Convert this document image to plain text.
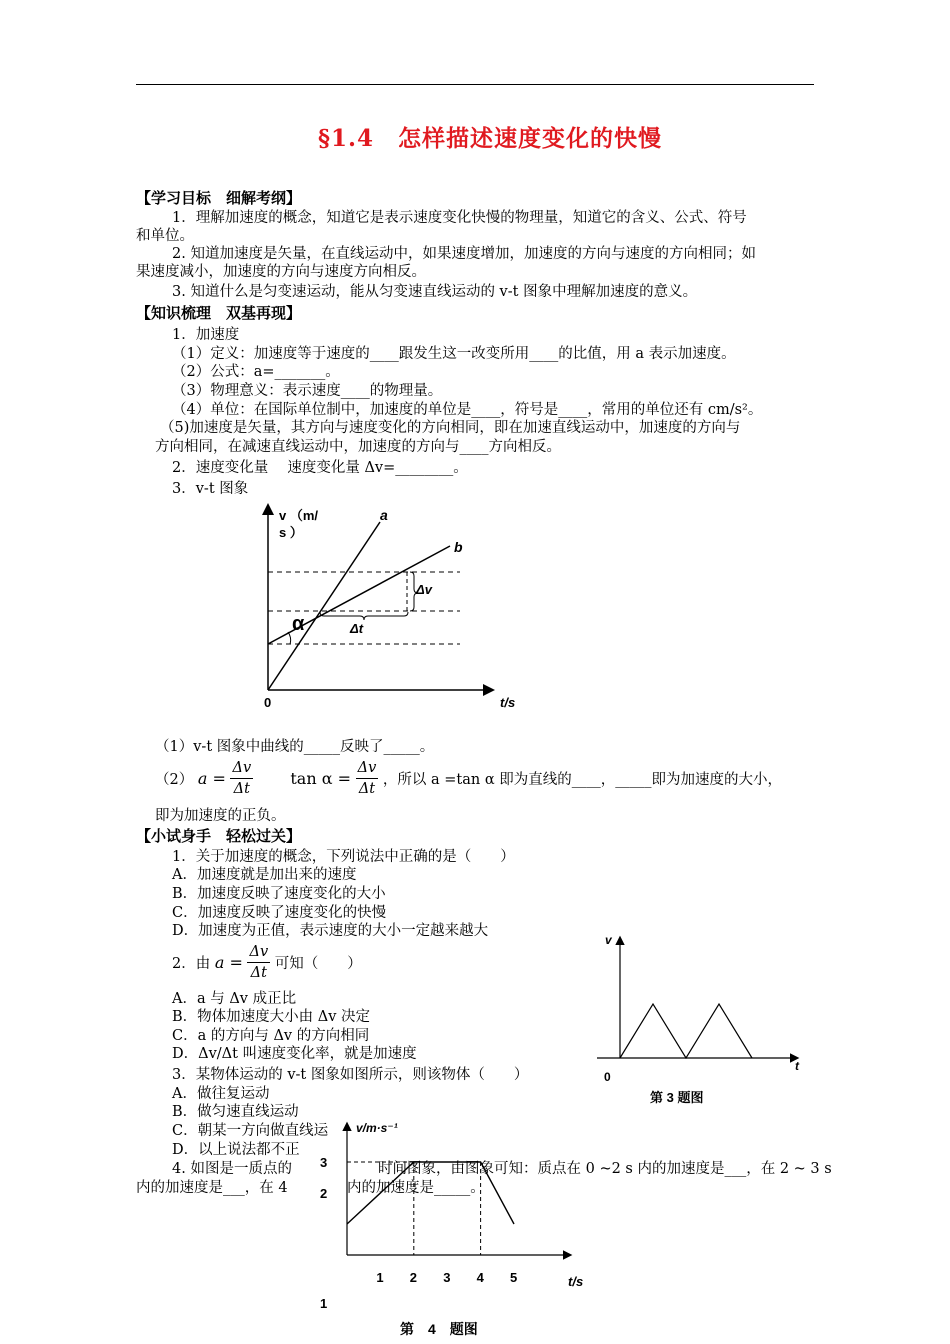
§1.4　怎样描述速度变化的快慢
【学习目标　细解考纲】
1．理解加速度的概念，知道它是表示速度变化快慢的物理量，知道它的含义、公式、符号
和单位。
2. 知道加速度是矢量，在直线运动中，如果速度增加，加速度的方向与速度的方向相同；如
果速度减小，加速度的方向与速度方向相反。
3. 知道什么是匀变速运动，能从匀变速直线运动的 v-t 图象中理解加速度的意义。
【知识梳理　双基再现】
1．加速度
（1）定义：加速度等于速度的____跟发生这一改变所用____的比值，用 a 表示加速度。
（2）公式：a=_______。
（3）物理意义：表示速度____的物理量。
（4）单位：在国际单位制中，加速度的单位是____，符号是____，常用的单位还有 cm/s²。
（5)加速度是矢量，其方向与速度变化的方向相同，即在加速直线运动中，加速度的方向与
方向相同，在减速直线运动中，加速度的方向与____方向相反。
2．速度变化量　 速度变化量 Δv=________。
3．v-t 图象
v （m/
s ）
a
b
Δv
Δt
α
0	t/s
（1）v-t 图象中曲线的_____反映了_____。
（2） $a = \frac{\Delta v}{\Delta t}$ $\tan \alpha = \frac{\Delta v}{\Delta t}$ ，所以 a =tan α 即为直线的____，_____即为加速度的大小，
即为加速度的正负。
【小试身手　轻松过关】
1．关于加速度的概念，下列说法中正确的是（　　）
A．加速度就是加出来的速度
B．加速度反映了速度变化的大小
C．加速度反映了速度变化的快慢
D．加速度为正值，表示速度的大小一定越来越大
2．由 $a = \frac{\Delta v}{\Delta t}$ 可知（　　）
A．a 与 Δv 成正比
B．物体加速度大小由 Δv 决定
C．a 的方向与 Δv 的方向相同
D．Δv/Δt 叫速度变化率，就是加速度
3．某物体运动的 v-t 图象如图所示，则该物体（　　）
A．做往复运动
B．做匀速直线运动
C．朝某一方向做直线运
D．以上说法都不正
v
t
0
第 3 题图
3
2
1
1 2 3 4 5
v/m·s⁻¹
t/s
第　4　题图
4. 如图是一质点的	时间图象，由图象可知：质点在 0 ~2 s 内的加速度是___，在 2 ~ 3 s
内的加速度是___，在 4	内的加速度是_____。
